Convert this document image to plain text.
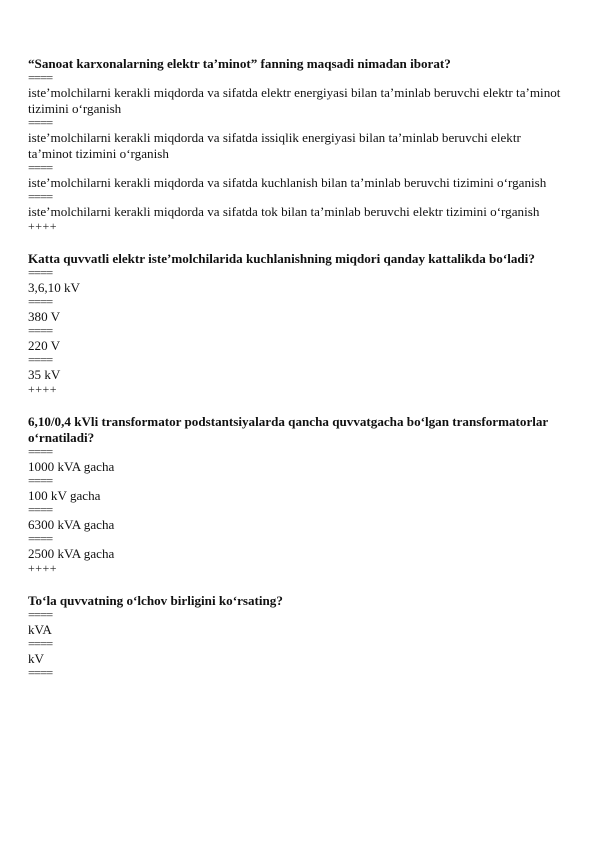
“Sanoat karxonalarning elektr ta’minot” fanning maqsadi nimadan iborat?

====

iste’molchilarni kerakli miqdorda va sifatda elektr energiyasi bilan ta’minlab beruvchi elektr ta’minot tizimini o‘rganish

====

iste’molchilarni kerakli miqdorda va sifatda issiqlik energiyasi bilan ta’minlab beruvchi elektr ta’minot tizimini o‘rganish

====

iste’molchilarni kerakli miqdorda va sifatda kuchlanish bilan ta’minlab beruvchi tizimini o‘rganish

====

iste’molchilarni kerakli miqdorda va sifatda tok bilan ta’minlab beruvchi elektr tizimini o‘rganish

++++

Katta quvvatli elektr iste’molchilarida kuchlanishning miqdori qanday kattalikda bo‘ladi?

====

3,6,10 kV

====

380 V

====

220 V

====

35 kV

++++

6,10/0,4 kVli transformator podstantsiyalarda qancha quvvatgacha bo‘lgan transformatorlar o‘rnatiladi?

====

1000 kVA gacha

====

100 kV gacha

====

6300 kVA gacha

====

2500 kVA gacha

++++

To‘la quvvatning o‘lchov birligini ko‘rsating?

====

kVA

====

kV

====
